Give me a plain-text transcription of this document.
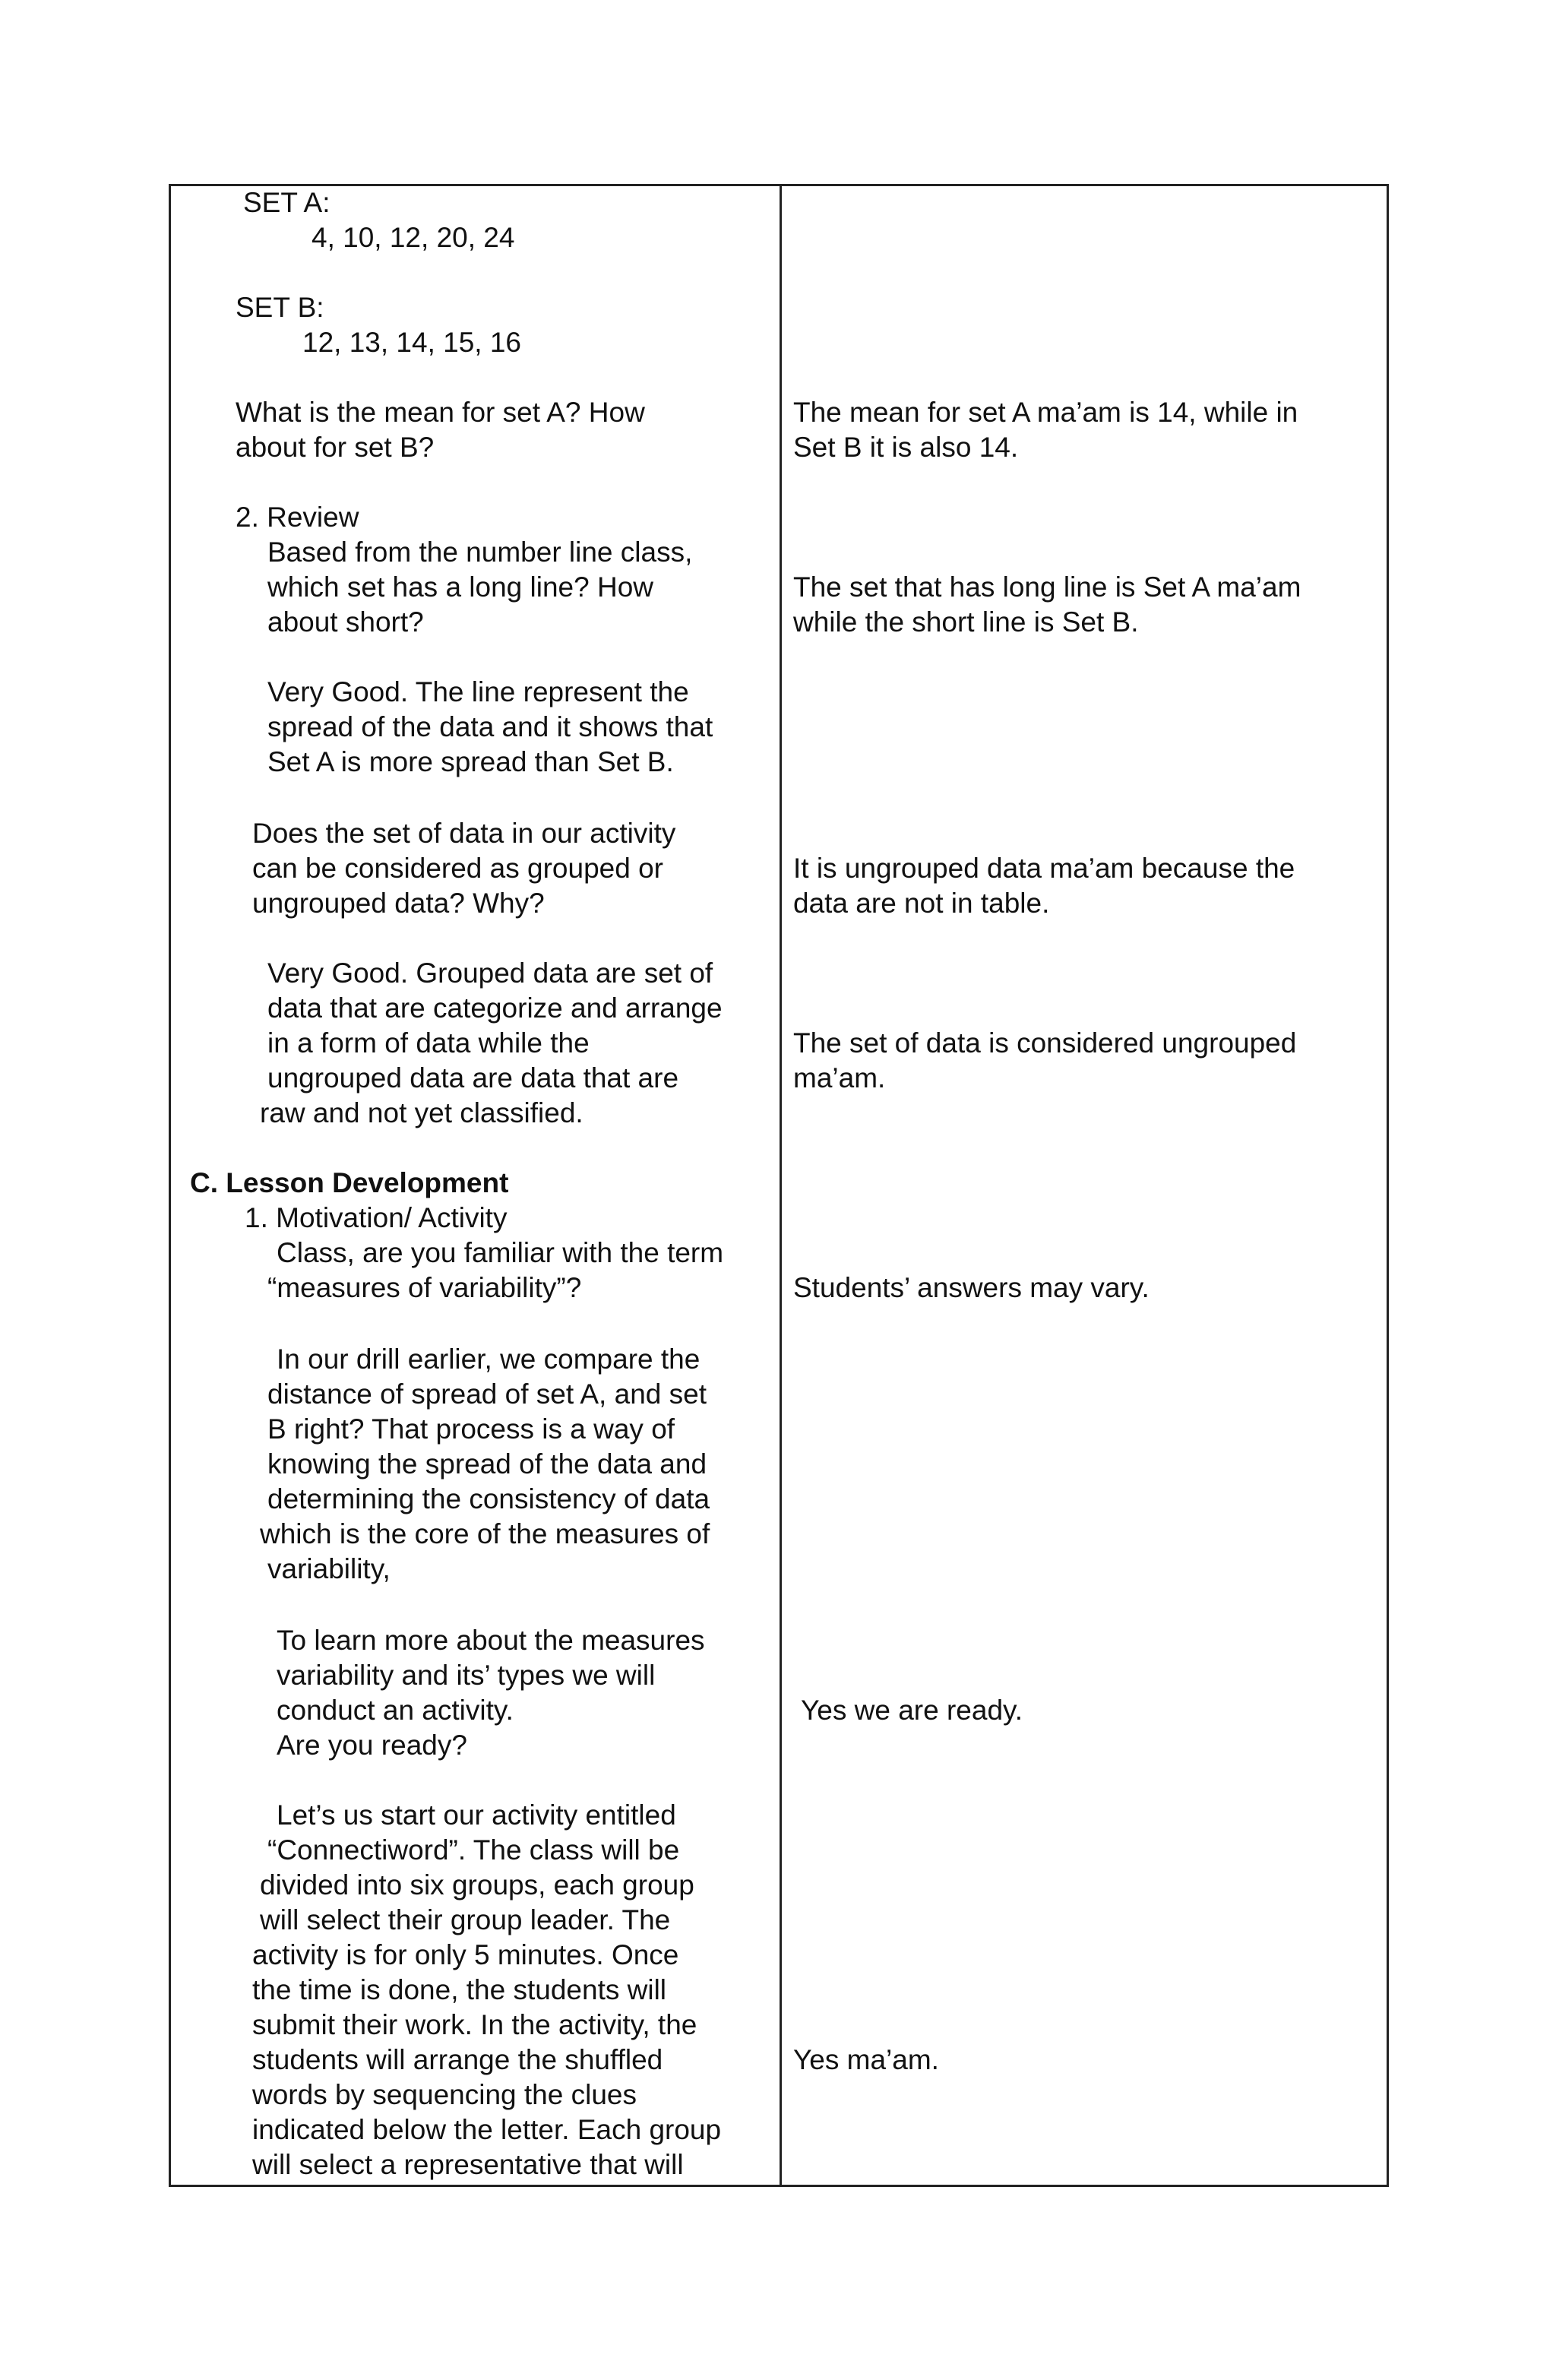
SET A:
4, 10, 12, 20, 24
SET B:
12, 13, 14, 15, 16
What is the mean for set A? How
about for set B?
2. Review
Based from the number line class,
which set has a long line? How
about short?
Very Good. The line represent the
spread of the data and it shows that
Set A is more spread than Set B.
Does the set of data in our activity
can be considered as grouped or
ungrouped data? Why?
Very Good. Grouped data are set of
data that are categorize and arrange
in a form of data while the
ungrouped data are data that are
raw and not yet classified.
C. Lesson Development
1. Motivation/ Activity
Class, are you familiar with the term
“measures of variability”?
In our drill earlier, we compare the
distance of spread of set A, and set
B right? That process is a way of
knowing the spread of the data and
determining the consistency of data
which is the core of the measures of
variability,
To learn more about the measures
variability and its’ types we will
conduct an activity.
Are you ready?
Let’s us start our activity entitled
“Connectiword”. The class will be
divided into six groups, each group
will select their group leader. The
activity is for only 5 minutes. Once
the time is done, the students will
submit their work. In the activity, the
students will arrange the shuffled
words by sequencing the clues
indicated below the letter. Each group
will select a representative that will
The mean for set A ma’am is 14, while in
Set B it is also 14.
The set that has long line is Set A ma’am
while the short line is Set B.
It is ungrouped data ma’am because the
data are not in table.
The set of data is considered ungrouped
ma’am.
Students’ answers may vary.
Yes we are ready.
Yes ma’am.
